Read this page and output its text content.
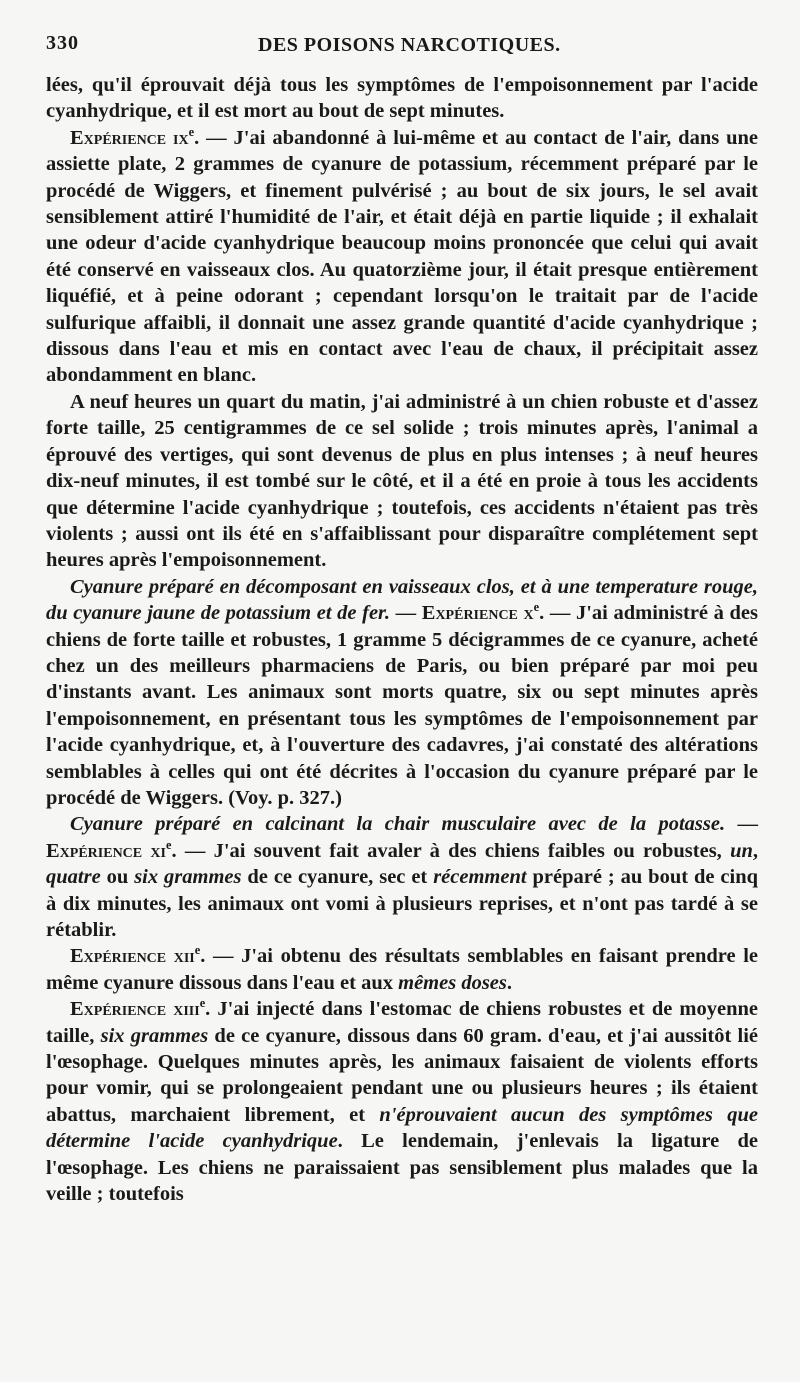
330	DES POISONS NARCOTIQUES.

lées, qu'il éprouvait déjà tous les symptômes de l'empoisonnement par l'acide cyanhydrique, et il est mort au bout de sept minutes.

Expérience $ix^e$. — J'ai abandonné à lui-même et au contact de l'air, dans une assiette plate, 2 grammes de cyanure de potassium, récemment préparé par le procédé de Wiggers, et finement pulvérisé ; au bout de six jours, le sel avait sensiblement attiré l'humidité de l'air, et était déjà en partie liquide ; il exhalait une odeur d'acide cyanhydrique beaucoup moins prononcée que celui qui avait été conservé en vaisseaux clos. Au quatorzième jour, il était presque entièrement liquéfié, et à peine odorant ; cependant lorsqu'on le traitait par de l'acide sulfurique affaibli, il donnait une assez grande quantité d'acide cyanhydrique ; dissous dans l'eau et mis en contact avec l'eau de chaux, il précipitait assez abondamment en blanc.

A neuf heures un quart du matin, j'ai administré à un chien robuste et d'assez forte taille, 25 centigrammes de ce sel solide ; trois minutes après, l'animal a éprouvé des vertiges, qui sont devenus de plus en plus intenses ; à neuf heures dix-neuf minutes, il est tombé sur le côté, et il a été en proie à tous les accidents que détermine l'acide cyanhydrique ; toutefois, ces accidents n'étaient pas très violents ; aussi ont ils été en s'affaiblissant pour disparaître complétement sept heures après l'empoisonnement.

Cyanure préparé en décomposant en vaisseaux clos, et à une temperature rouge, du cyanure jaune de potassium et de fer. — Expérience $x^e$. — J'ai administré à des chiens de forte taille et robustes, 1 gramme 5 décigrammes de ce cyanure, acheté chez un des meilleurs pharmaciens de Paris, ou bien préparé par moi peu d'instants avant. Les animaux sont morts quatre, six ou sept minutes après l'empoisonnement, en présentant tous les symptômes de l'empoisonnement par l'acide cyanhydrique, et, à l'ouverture des cadavres, j'ai constaté des altérations semblables à celles qui ont été décrites à l'occasion du cyanure préparé par le procédé de Wiggers. (Voy. p. 327.)

Cyanure préparé en calcinant la chair musculaire avec de la potasse. — Expérience $xi^e$. — J'ai souvent fait avaler à des chiens faibles ou robustes, un, quatre ou six grammes de ce cyanure, sec et récemment préparé ; au bout de cinq à dix minutes, les animaux ont vomi à plusieurs reprises, et n'ont pas tardé à se rétablir.

Expérience xii$^e$. — J'ai obtenu des résultats semblables en faisant prendre le même cyanure dissous dans l'eau et aux mêmes doses.

Expérience xiii$^e$. J'ai injecté dans l'estomac de chiens robustes et de moyenne taille, six grammes de ce cyanure, dissous dans 60 gram. d'eau, et j'ai aussitôt lié l'œsophage. Quelques minutes après, les animaux faisaient de violents efforts pour vomir, qui se prolongeaient pendant une ou plusieurs heures ; ils étaient abattus, marchaient librement, et n'éprouvaient aucun des symptômes que détermine l'acide cyanhydrique. Le lendemain, j'enlevais la ligature de l'œsophage. Les chiens ne paraissaient pas sensiblement plus malades que la veille ; toutefois
